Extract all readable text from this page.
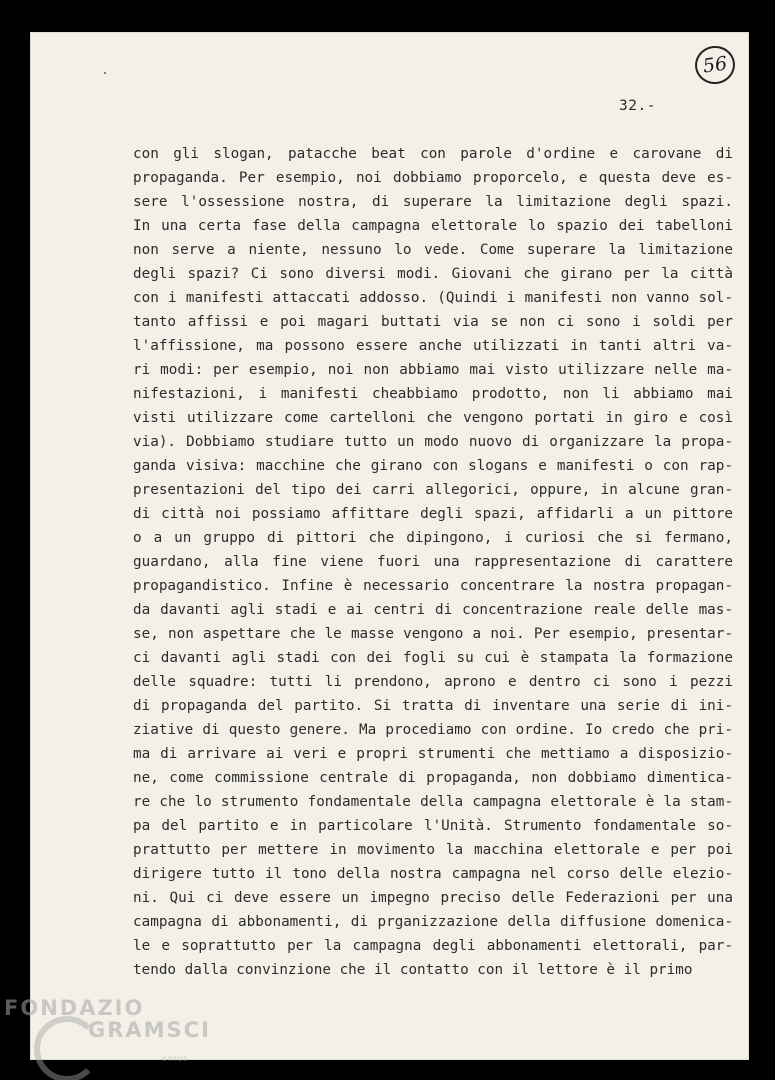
56
32.-
con gli slogan, patacche beat con parole d'ordine e carovane di
propaganda. Per esempio, noi dobbiamo proporcelo, e questa deve es-
sere l'ossessione nostra, di superare la limitazione degli spazi.
In una certa fase della campagna elettorale lo spazio dei tabelloni
non serve a niente, nessuno lo vede. Come superare la limitazione
degli spazi? Ci sono diversi modi. Giovani che girano per la città
con i manifesti attaccati addosso. (Quindi i manifesti non vanno sol-
tanto affissi e poi magari buttati via se non ci sono i soldi per
l'affissione, ma possono essere anche utilizzati in tanti altri va-
ri modi: per esempio, noi non abbiamo mai visto utilizzare nelle ma-
nifestazioni, i manifesti cheabbiamo prodotto, non li abbiamo mai
visti utilizzare come cartelloni che vengono portati in giro e così
via). Dobbiamo studiare tutto un modo nuovo di organizzare la propa-
ganda visiva: macchine che girano con slogans e manifesti o con rap-
presentazioni del tipo dei carri allegorici, oppure, in alcune gran-
di città noi possiamo affittare degli spazi, affidarli a un pittore
o a un gruppo di pittori che dipingono, i curiosi che si fermano,
guardano, alla fine viene fuori una rappresentazione di carattere
propagandistico. Infine è necessario concentrare la nostra propagan-
da davanti agli stadi e ai centri di concentrazione reale delle mas-
se, non aspettare che le masse vengono a noi. Per esempio, presentar-
ci davanti agli stadi con dei fogli su cui è stampata la formazione
delle squadre: tutti li prendono, aprono e dentro ci sono i pezzi
di propaganda del partito. Si tratta di inventare una serie di ini-
ziative di questo genere. Ma procediamo con ordine. Io credo che pri-
ma di arrivare ai veri e propri strumenti che mettiamo a disposizio-
ne, come commissione centrale di propaganda, non dobbiamo dimentica-
re che lo strumento fondamentale della campagna elettorale è la stam-
pa del partito e in particolare l'Unità. Strumento fondamentale so-
prattutto per mettere in movimento la macchina elettorale e per poi
dirigere tutto il tono della nostra campagna nel corso delle elezio-
ni. Qui ci deve essere un impegno preciso delle Federazioni per una
campagna di abbonamenti, di prganizzazione della diffusione domenica-
le e soprattutto per la campagna degli abbonamenti elettorali, par-
tendo dalla convinzione che il contatto con il lettore è il primo
FONDAZIO
GRAMSCI
onlus
